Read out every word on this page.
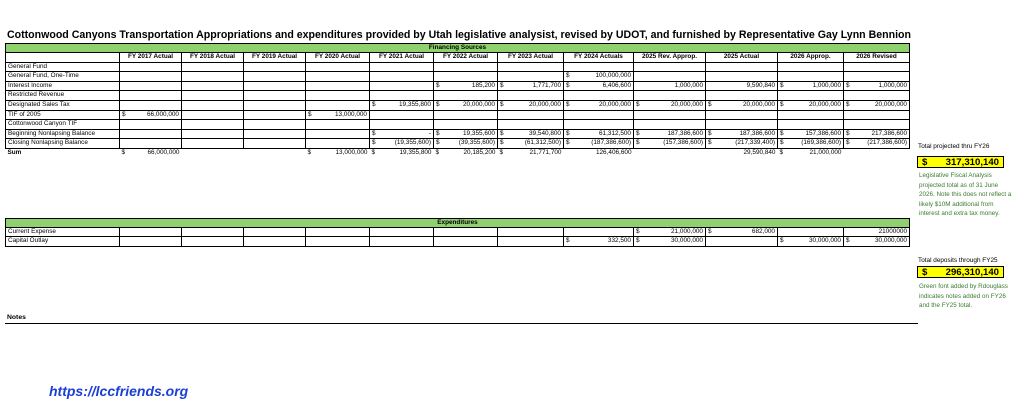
Cottonwood Canyons Transportation Appropriations and expenditures provided by Utah legislative analysist, revised by UDOT, and furnished by Representative Gay Lynn Bennion
Financing Sources												
	FY 2017 Actual	FY 2018 Actual	FY 2019 Actual	FY 2020 Actual	FY 2021 Actual	FY 2022 Actual	FY 2023 Actual	FY 2024 Actuals	2025 Rev. Approp.	2025 Actual	2026 Approp.	2026 Revised
General Fund												
General Fund, One-Time								$ 100,000,000				

Interest Income						$ 185,200	$ 1,771,700	$ 6,406,600	1,000,000	9,590,840	$ 1,000,000	$ 1,000,000

Restricted Revenue												
Designated Sales Tax					$ 19,355,800	$ 20,000,000	$ 20,000,000	$ 20,000,000	$ 20,000,000	$ 20,000,000	$ 20,000,000	$ 20,000,000

TIF of 2005	$ 66,000,000			$ 13,000,000								

Cottonwood Canyon TIF												
Beginning Nonlapsing Balance					$ -	$ 19,355,600	$ 39,540,800	$ 61,312,500	$ 187,386,600	$ 187,386,600	$ 157,386,600	$ 217,386,600

Closing Nonlapsing Balance					$ (19,355,600)	$ (39,355,600)	$ (61,312,500)	$ (187,386,600)	$ (157,386,600)	$ (217,339,400)	$ (169,386,600)	$ (217,386,600)

Sum	$ 66,000,000			$ 13,000,000	$ 19,355,800	$ 20,185,200	$ 21,771,700	126,406,600		29,590,840	$ 21,000,000	

Expenditures												
Current Expense									$ 21,000,000	$ 682,000		21000000
Capital Outlay								$ 332,500	$ 30,000,000		$ 30,000,000	$ 30,000,000
Total projected thru FY26
$ 317,310,140
Legislative Fiscal Analysis projected total as of 31 June 2026. Note this does not reflect a likely $10M additional from interest and extra tax money.
Total deposits through FY25
$ 296,310,140
Green font added by Rdouglass indicates notes added on FY26 and the FY25 total.
Notes
https://lccfriends.org
